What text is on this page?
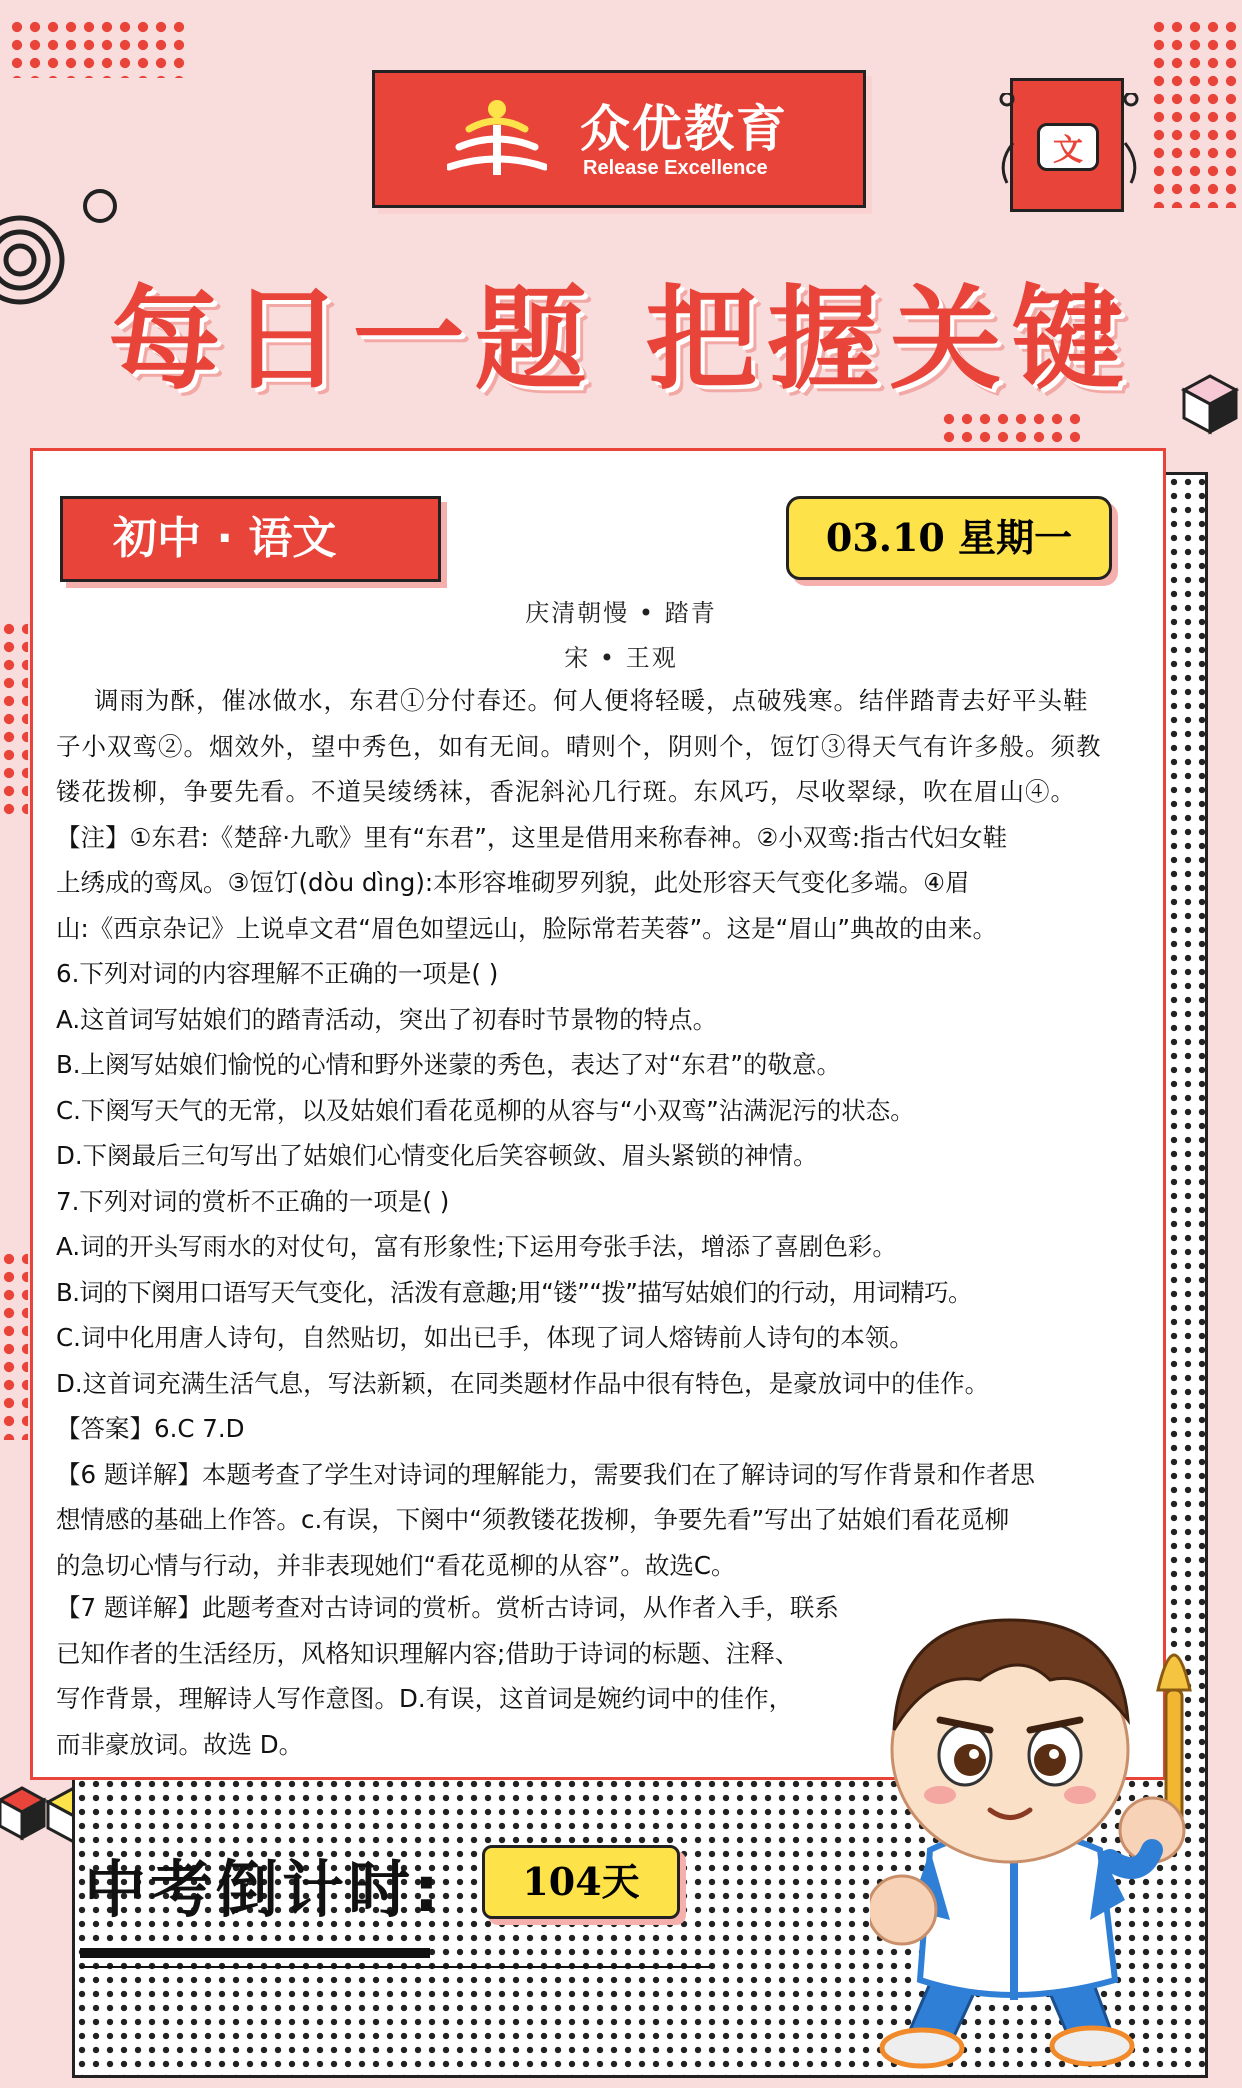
众优教育
Release Excellence	文
每日一题 把握关键
初中 · 语文	03.10 星期一
庆清朝慢 • 踏青
宋 • 王观

调雨为酥，催冰做水，东君①分付春还。何人便将轻暖，点破残寒。结伴踏青去好平头鞋

子小双鸾②。烟效外，望中秀色，如有无间。晴则个，阴则个，饾饤③得天气有许多般。须教

镂花拨柳，争要先看。不道吴绫绣袜，香泥斜沁几行斑。东风巧，尽收翠绿，吹在眉山④。

【注】①东君:《楚辞·九歌》里有“东君”，这里是借用来称春神。②小双鸾:指古代妇女鞋

上绣成的鸾凤。③饾饤(dòu dìng):本形容堆砌罗列貌，此处形容天气变化多端。④眉

山:《西京杂记》上说卓文君“眉色如望远山，脸际常若芙蓉”。这是“眉山”典故的由来。

6.下列对词的内容理解不正确的一项是( )

A.这首词写姑娘们的踏青活动，突出了初春时节景物的特点。

B.上阕写姑娘们愉悦的心情和野外迷蒙的秀色，表达了对“东君”的敬意。

C.下阕写天气的无常，以及姑娘们看花觅柳的从容与“小双鸾”沾满泥污的状态。

D.下阕最后三句写出了姑娘们心情变化后笑容顿敛、眉头紧锁的神情。

7.下列对词的赏析不正确的一项是( )

A.词的开头写雨水的对仗句，富有形象性;下运用夸张手法，增添了喜剧色彩。

B.词的下阕用口语写天气变化，活泼有意趣;用“镂”“拨”描写姑娘们的行动，用词精巧。

C.词中化用唐人诗句，自然贴切，如出已手，体现了词人熔铸前人诗句的本领。

D.这首词充满生活气息，写法新颖，在同类题材作品中很有特色，是豪放词中的佳作。

【答案】6.C 7.D

【6 题详解】本题考查了学生对诗词的理解能力，需要我们在了解诗词的写作背景和作者思

想情感的基础上作答。c.有误，下阕中“须教镂花拨柳，争要先看”写出了姑娘们看花觅柳

的急切心情与行动，并非表现她们“看花觅柳的从容”。故选C。

【7 题详解】此题考查对古诗词的赏析。赏析古诗词，从作者入手，联系

已知作者的生活经历，风格知识理解内容;借助于诗词的标题、注释、

写作背景，理解诗人写作意图。D.有误，这首词是婉约词中的佳作，

而非豪放词。故选 D。

中考倒计时:	104天
